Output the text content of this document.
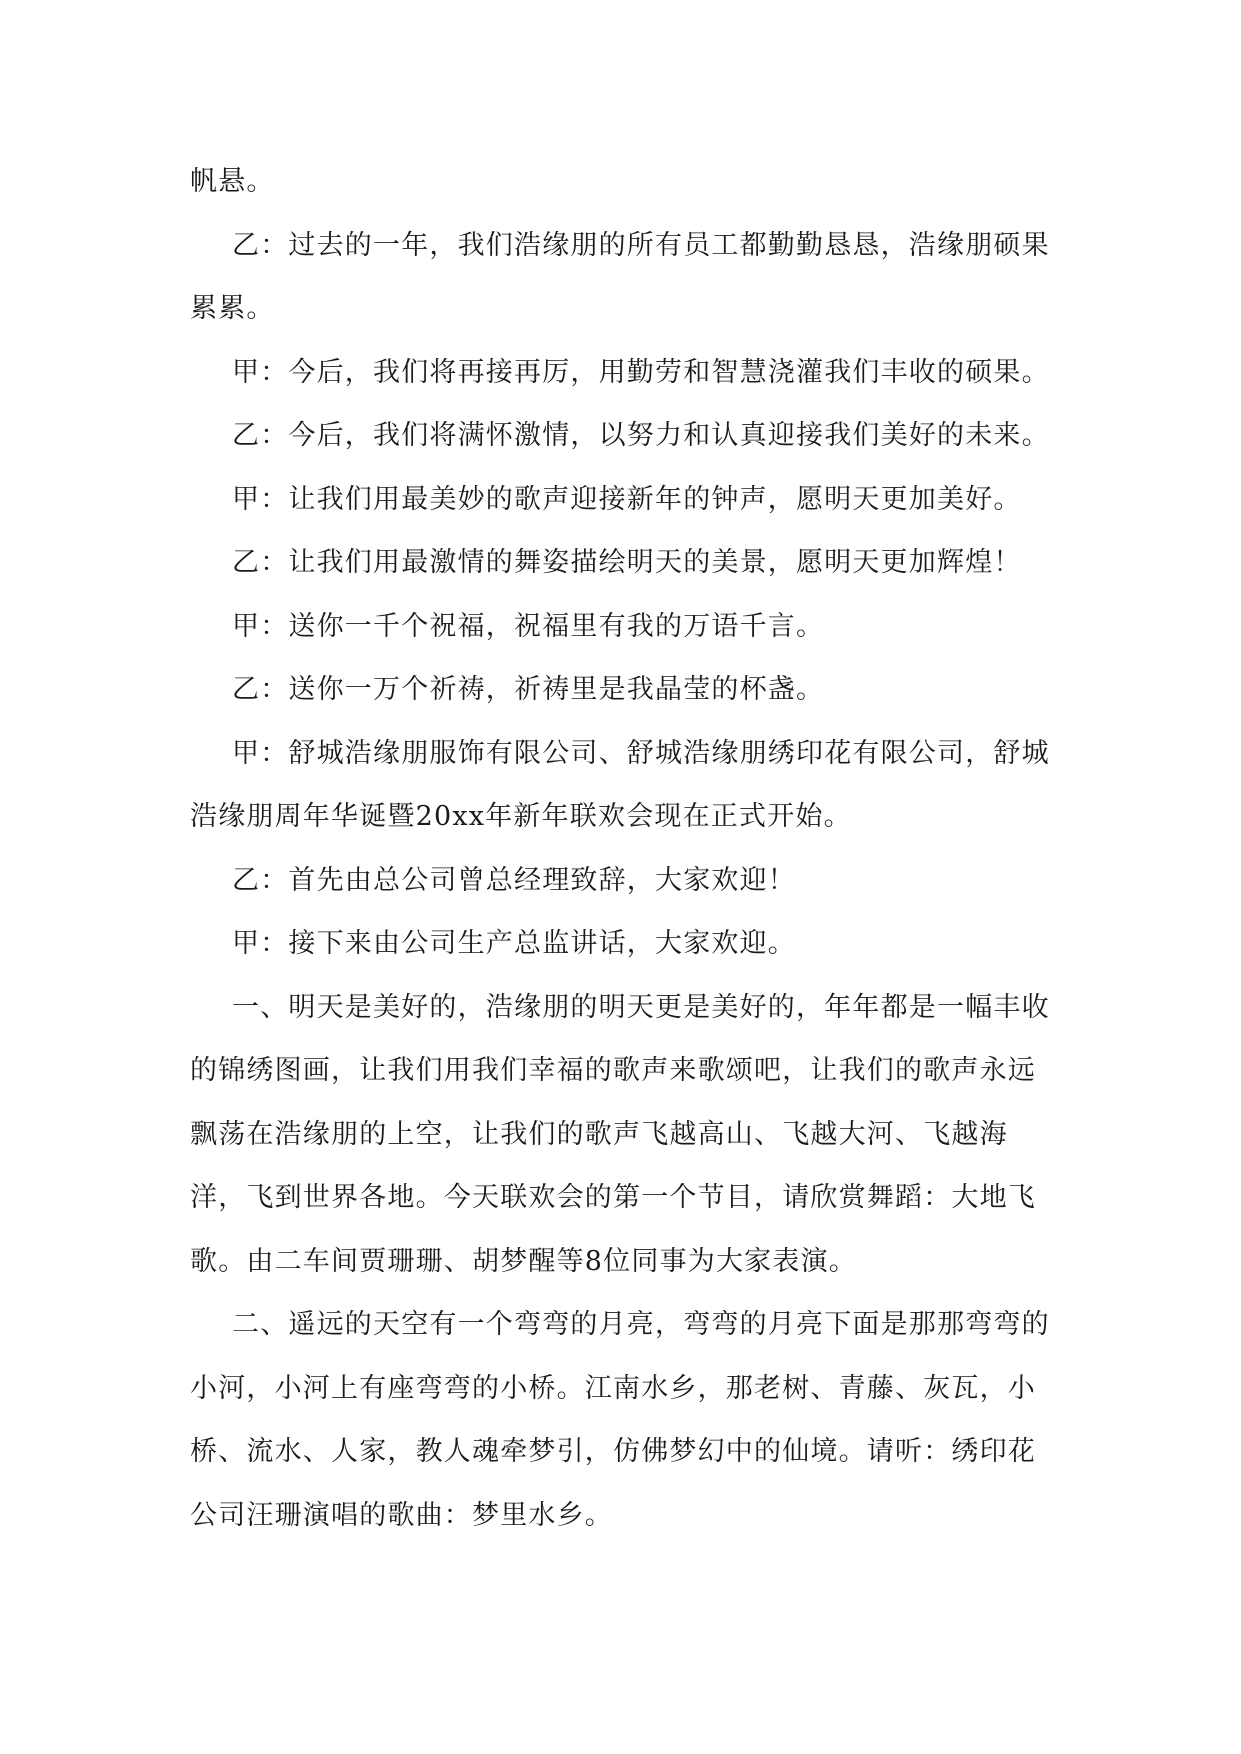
帆悬。

乙：过去的一年，我们浩缘朋的所有员工都勤勤恳恳，浩缘朋硕果累累。

甲：今后，我们将再接再厉，用勤劳和智慧浇灌我们丰收的硕果。

乙：今后，我们将满怀激情，以努力和认真迎接我们美好的未来。

甲：让我们用最美妙的歌声迎接新年的钟声，愿明天更加美好。

乙：让我们用最激情的舞姿描绘明天的美景，愿明天更加辉煌！

甲：送你一千个祝福，祝福里有我的万语千言。

乙：送你一万个祈祷，祈祷里是我晶莹的杯盏。

甲：舒城浩缘朋服饰有限公司、舒城浩缘朋绣印花有限公司，舒城浩缘朋周年华诞暨20xx年新年联欢会现在正式开始。

乙：首先由总公司曾总经理致辞，大家欢迎！

甲：接下来由公司生产总监讲话，大家欢迎。

一、明天是美好的，浩缘朋的明天更是美好的，年年都是一幅丰收的锦绣图画，让我们用我们幸福的歌声来歌颂吧，让我们的歌声永远飘荡在浩缘朋的上空，让我们的歌声飞越高山、飞越大河、飞越海洋，飞到世界各地。今天联欢会的第一个节目，请欣赏舞蹈：大地飞歌。由二车间贾珊珊、胡梦醒等8位同事为大家表演。

二、遥远的天空有一个弯弯的月亮，弯弯的月亮下面是那那弯弯的小河，小河上有座弯弯的小桥。江南水乡，那老树、青藤、灰瓦，小桥、流水、人家，教人魂牵梦引，仿佛梦幻中的仙境。请听：绣印花公司汪珊演唱的歌曲：梦里水乡。
